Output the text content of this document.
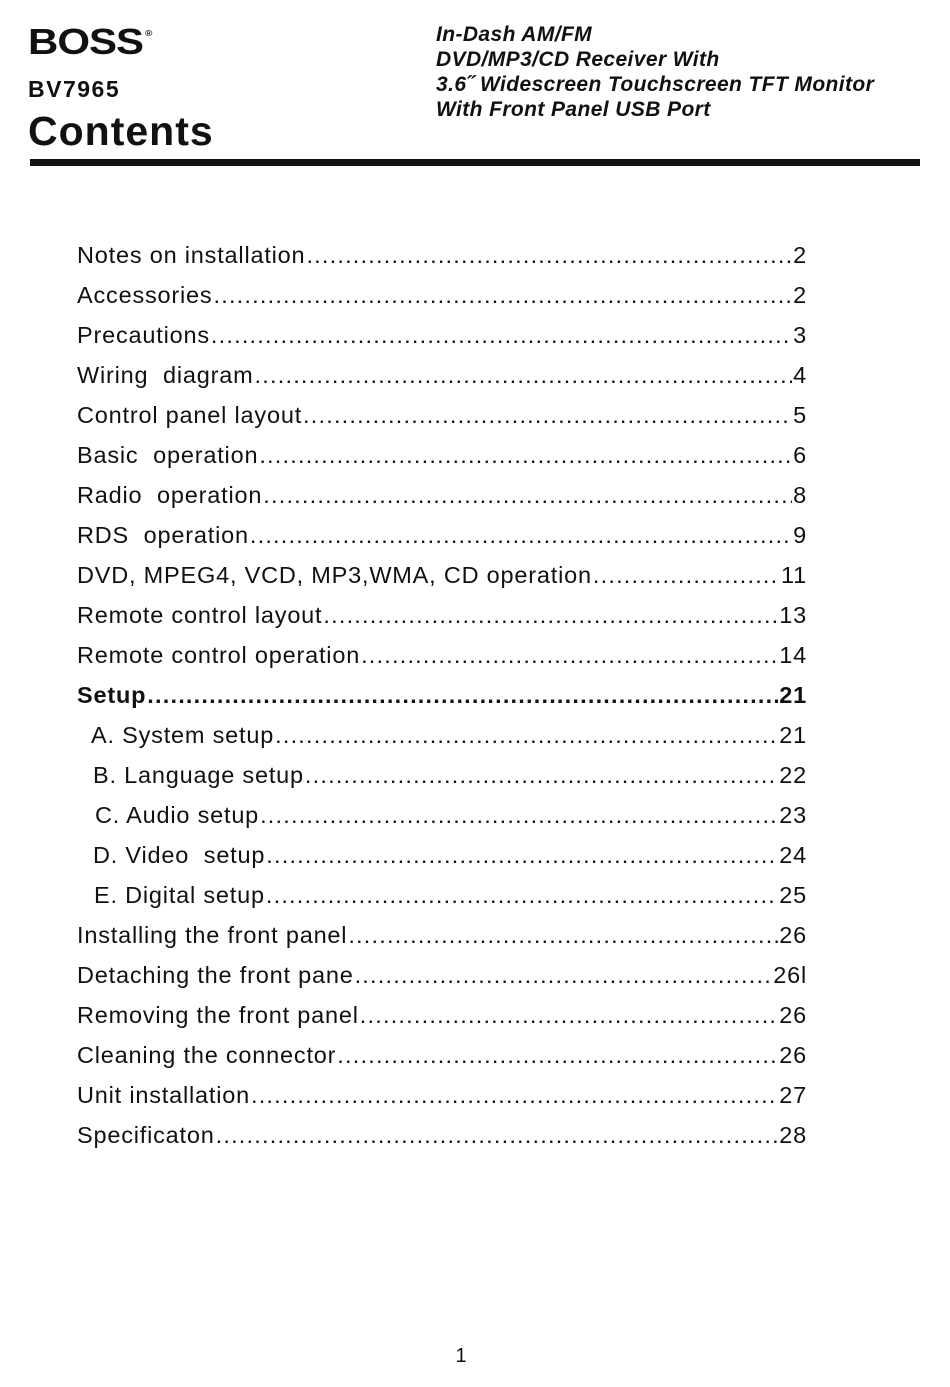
BOSS ®
BV7965
Contents
In-Dash AM/FM
DVD/MP3/CD Receiver With
3.6˝ Widescreen Touchscreen TFT Monitor
With Front Panel USB Port
Notes on installation .....	2
Accessories .....	2
Precautions .....	3
Wiring  diagram .....	4
Control panel layout .....	5
Basic  operation .....	6
Radio  operation .....	8
RDS  operation .....	9
DVD, MPEG4, VCD, MP3,WMA, CD operation .....	11
Remote control layout .....	13
Remote control operation .....	14
Setup .....	21
A. System setup .....	21
B. Language setup .....	22
C. Audio setup .....	23
D. Video  setup .....	24
E. Digital setup .....	25
Installing the front panel .....	26
Detaching the front pane .....	26l
Removing the front panel .....	26
Cleaning the connector .....	26
Unit installation .....	27
Specificaton .....	28
1
